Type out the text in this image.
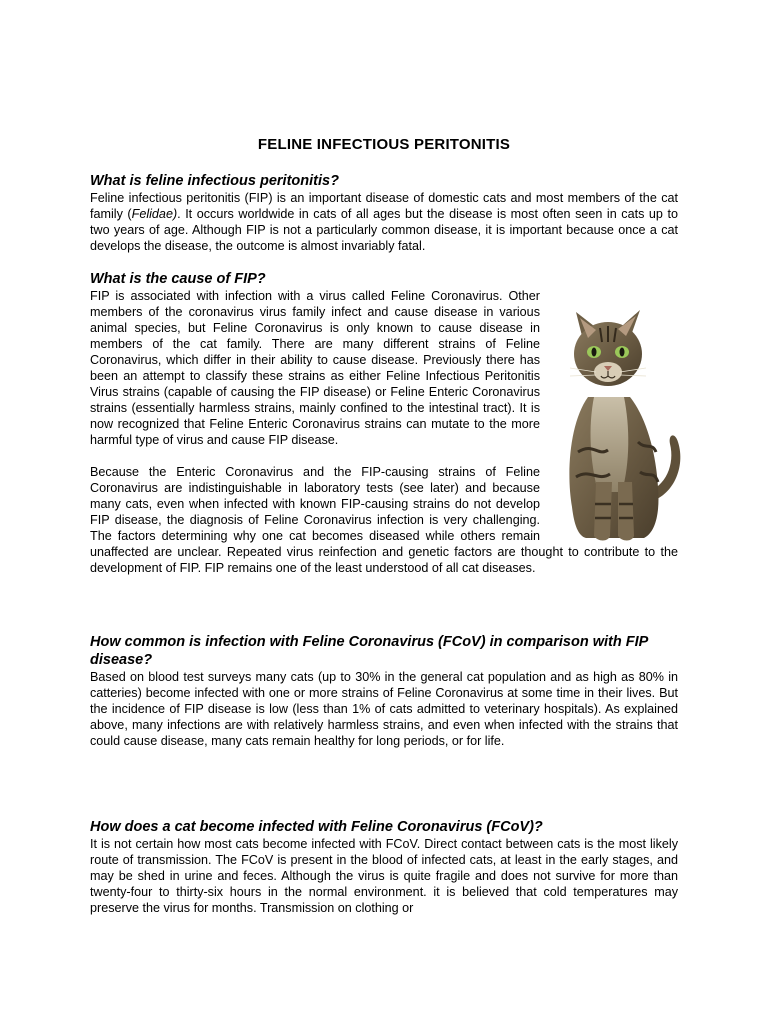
FELINE INFECTIOUS PERITONITIS
What is feline infectious peritonitis?

Feline infectious peritonitis (FIP) is an important disease of domestic cats and most members of the cat family (Felidae). It occurs worldwide in cats of all ages but the disease is most often seen in cats up to two years of age. Although FIP is not a particularly common disease, it is important because once a cat develops the disease, the outcome is almost invariably fatal.

What is the cause of FIP?

FIP is associated with infection with a virus called Feline Coronavirus. Other members of the coronavirus virus family infect and cause disease in various animal species, but Feline Coronavirus is only known to cause disease in members of the cat family. There are many different strains of Feline Coronavirus, which differ in their ability to cause disease. Previously there has been an attempt to classify these strains as either Feline Infectious Peritonitis Virus strains (capable of causing the FIP disease) or Feline Enteric Coronavirus strains (essentially harmless strains, mainly confined to the intestinal tract). It is now recognized that Feline Enteric Coronavirus strains can mutate to the more harmful type of virus and cause FIP disease.

Because the Enteric Coronavirus and the FIP-causing strains of Feline Coronavirus are indistinguishable in laboratory tests (see later) and because many cats, even when infected with known FIP-causing strains do not develop FIP disease, the diagnosis of Feline Coronavirus infection is very challenging. The factors determining why one cat becomes diseased while others remain unaffected are unclear. Repeated virus reinfection and genetic factors are thought to contribute to the development of FIP. FIP remains one of the least understood of all cat diseases.

How common is infection with Feline Coronavirus (FCoV) in comparison with FIP disease?

Based on blood test surveys many cats (up to 30% in the general cat population and as high as 80% in catteries) become infected with one or more strains of Feline Coronavirus at some time in their lives. But the incidence of FIP disease is low (less than 1% of cats admitted to veterinary hospitals). As explained above, many infections are with relatively harmless strains, and even when infected with the strains that could cause disease, many cats remain healthy for long periods, or for life.

How does a cat become infected with Feline Coronavirus (FCoV)?

It is not certain how most cats become infected with FCoV. Direct contact between cats is the most likely route of transmission. The FCoV is present in the blood of infected cats, at least in the early stages, and may be shed in urine and feces. Although the virus is quite fragile and does not survive for more than twenty-four to thirty-six hours in the normal environment. it is believed that cold temperatures may preserve the virus for months. Transmission on clothing or
